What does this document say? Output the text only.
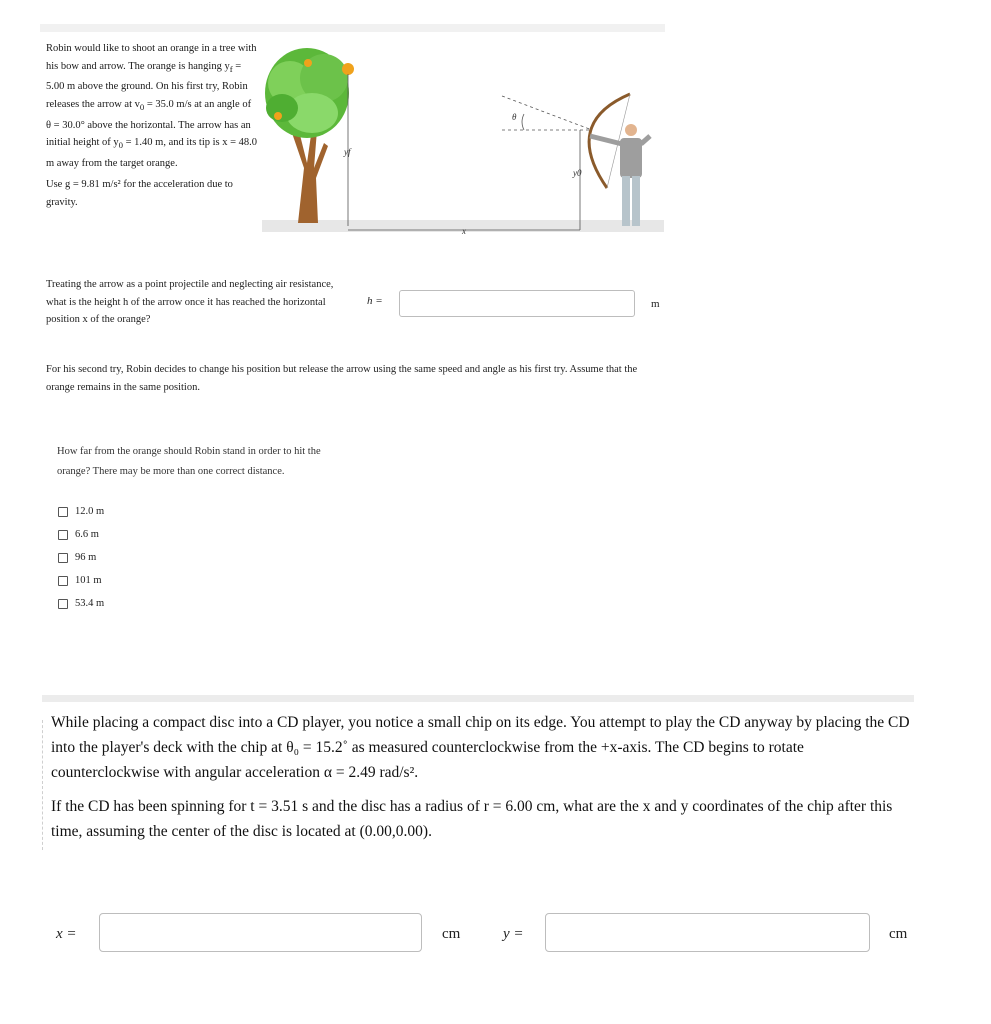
Robin would like to shoot an orange in a tree with his bow and arrow. The orange is hanging $y_f = 5.00$ m above the ground. On his first try, Robin releases the arrow at $v_0 = 35.0$ m/s at an angle of θ = 30.0° above the horizontal. The arrow has an initial height of $y_0 = 1.40$ m, and its tip is x = 48.0 m away from the target orange.

Use g = 9.81 m/s² for the acceleration due to gravity.

yf
x
y0
θ
Treating the arrow as a point projectile and neglecting air resistance, what is the height h of the arrow once it has reached the horizontal position x of the orange?
h =	m
For his second try, Robin decides to change his position but release the arrow using the same speed and angle as his first try. Assume that the orange remains in the same position.
How far from the orange should Robin stand in order to hit the orange? There may be more than one correct distance.
12.0 m
6.6 m
96 m
101 m
53.4 m

While placing a compact disc into a CD player, you notice a small chip on its edge. You attempt to play the CD anyway by placing the CD into the player's deck with the chip at θ₀ = 15.2˚ as measured counterclockwise from the +x-axis. The CD begins to rotate counterclockwise with angular acceleration α = 2.49 rad/s².

If the CD has been spinning for t = 3.51 s and the disc has a radius of r = 6.00 cm, what are the x and y coordinates of the chip after this time, assuming the center of the disc is located at (0.00,0.00).

x =	cm	y =	cm
